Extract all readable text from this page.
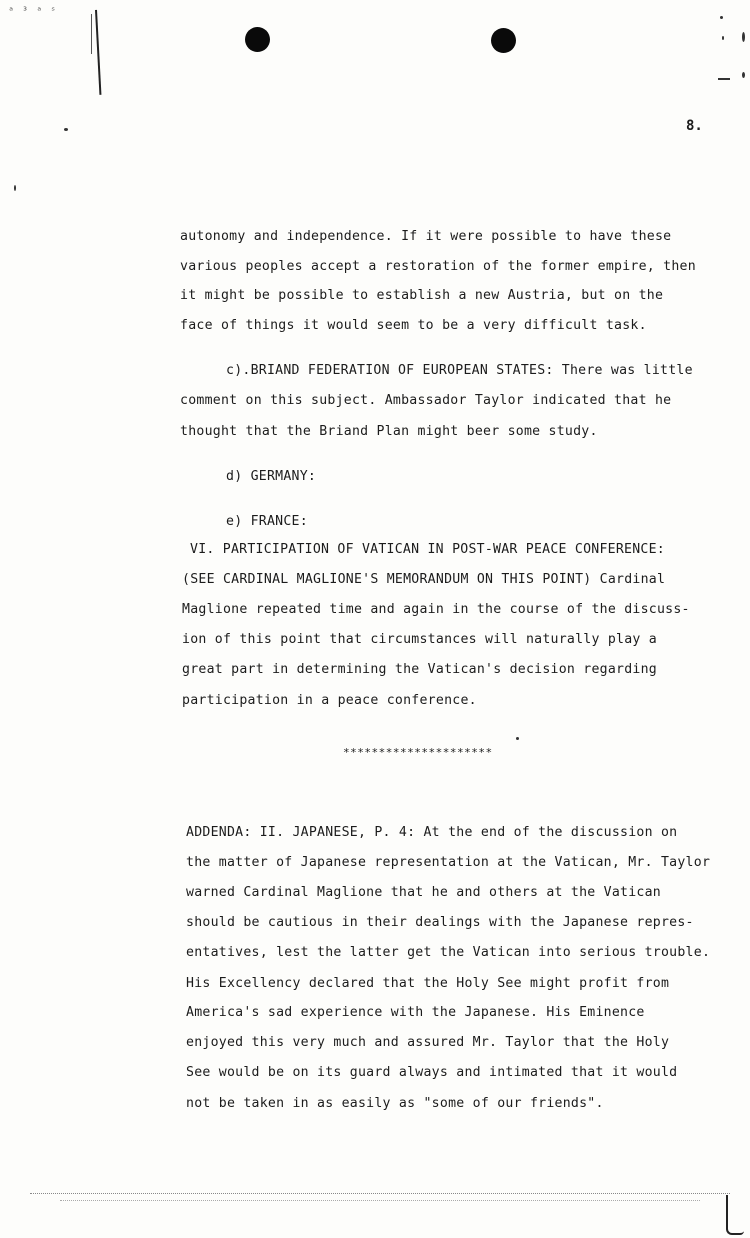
ᵃ ³ ᵃ ˢ
8.
autonomy and independence. If it were possible to have these
various peoples accept a restoration of the former empire, then
it might be possible to establish a new Austria, but on the
face of things it would seem to be a very difficult task.
c).BRIAND FEDERATION OF EUROPEAN STATES: There was little
comment on this subject. Ambassador Taylor indicated that he
thought that the Briand Plan might beer some study.
d) GERMANY:
e) FRANCE:
VI. PARTICIPATION OF VATICAN IN POST-WAR PEACE CONFERENCE:
(SEE CARDINAL MAGLIONE'S MEMORANDUM ON THIS POINT) Cardinal
Maglione repeated time and again in the course of the discuss-
ion of this point that circumstances will naturally play a
great part in determining the Vatican's decision regarding
participation in a peace conference.
*********************
ADDENDA: II. JAPANESE, P. 4: At the end of the discussion on
the matter of Japanese representation at the Vatican, Mr. Taylor
warned Cardinal Maglione that he and others at the Vatican
should be cautious in their dealings with the Japanese repres-
entatives, lest the latter get the Vatican into serious trouble.
His Excellency declared that the Holy See might profit from
America's sad experience with the Japanese. His Eminence
enjoyed this very much and assured Mr. Taylor that the Holy
See would be on its guard always and intimated that it would
not be taken in as easily as "some of our friends".
